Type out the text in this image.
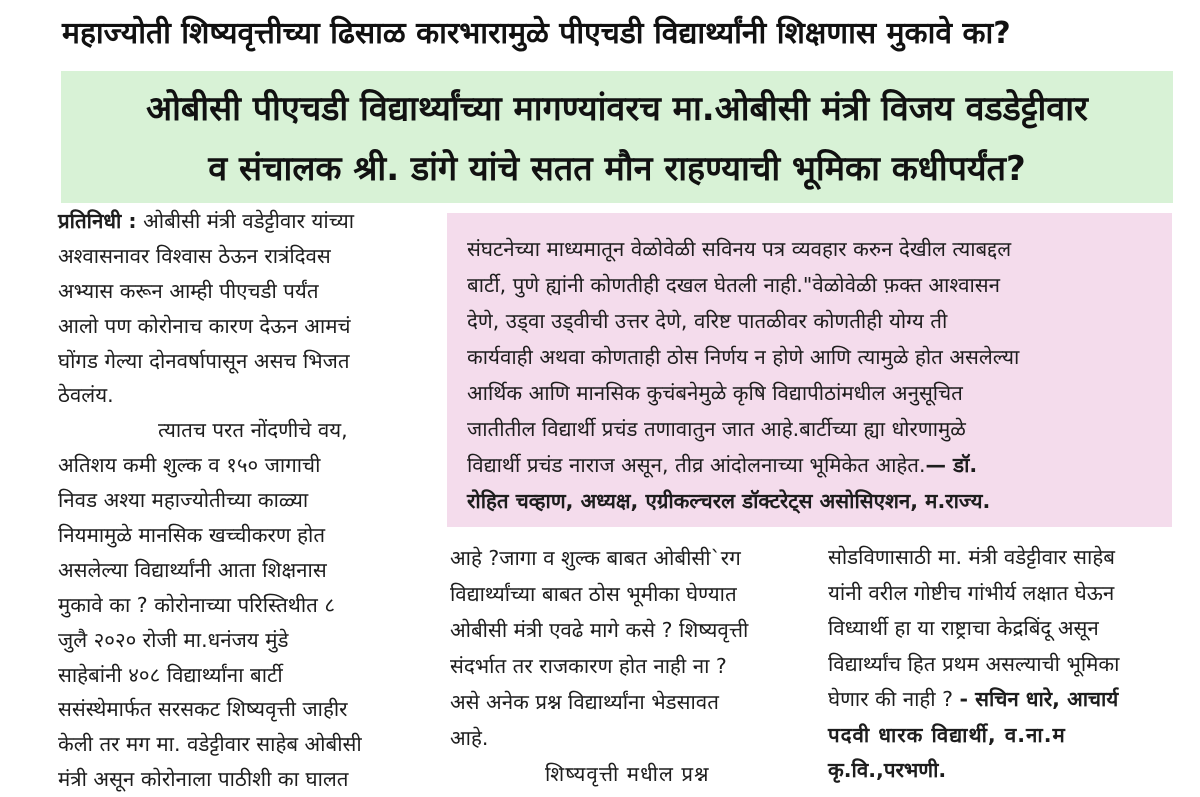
महाज्योती शिष्यवृत्तीच्या ढिसाळ कारभारामुळे पीएचडी विद्यार्थ्यांनी शिक्षणास मुकावे का?
ओबीसी पीएचडी विद्यार्थ्यांच्या मागण्यांवरच मा.ओबीसी मंत्री विजय वडडेट्टीवार
व संचालक श्री. डांगे यांचे सतत मौन राहण्याची भूमिका कधीपर्यंत?
प्रतिनिधी : ओबीसी मंत्री वडेट्टीवार यांच्या
अश्वासनावर विश्वास ठेऊन रात्रंदिवस
अभ्यास करून आम्ही पीएचडी पर्यंत
आलो पण कोरोनाच कारण देऊन आमचं
घोंगड गेल्या दोनवर्षापासून असच भिजत
ठेवलंय.
त्यातच परत नोंदणीचे वय,
अतिशय कमी शुल्क व १५० जागाची
निवड अश्या महाज्योतीच्या काळ्या
नियमामुळे मानसिक खच्चीकरण होत
असलेल्या विद्यार्थ्यांनी आता शिक्षनास
मुकावे का ? कोरोनाच्या परिस्तिथीत ८
जुलै २०२० रोजी मा.धनंजय मुंडे
साहेबांनी ४०८ विद्यार्थ्यांना बार्टी
ससंस्थेमार्फत सरसकट शिष्यवृत्ती जाहीर
केली तर मग मा. वडेट्टीवार साहेब ओबीसी
मंत्री असून कोरोनाला पाठीशी का घालत
संघटनेच्या माध्यमातून वेळोवेळी सविनय पत्र व्यवहार करुन देखील त्याबद्दल
बार्टी, पुणे ह्यांनी कोणतीही दखल घेतली नाही."वेळोवेळी फ़क्त आश्वासन
देणे, उड्वा उड्वीची उत्तर देणे, वरिष्ट पातळीवर कोणतीही योग्य ती
कार्यवाही अथवा कोणताही ठोस निर्णय न होणे आणि त्यामुळे होत असलेल्या
आर्थिक आणि मानसिक कुचंबनेमुळे कृषि विद्यापीठांमधील अनुसूचित
जातीतील विद्यार्थी प्रचंड तणावातुन जात आहे.बार्टीच्या ह्या धोरणामुळे
विद्यार्थी प्रचंड नाराज असून, तीव्र आंदोलनाच्या भूमिकेत आहेत.— डॉ.
रोहित चव्हाण, अध्यक्ष, एग्रीकल्चरल डॉक्टरेट्स असोसिएशन, म.राज्य.
आहे ?जागा व शुल्क बाबत ओबीसी`रग
विद्यार्थ्यांच्या बाबत ठोस भूमीका घेण्यात
ओबीसी मंत्री एवढे मागे कसे ? शिष्यवृत्ती
संदर्भात तर राजकारण होत नाही ना ?
असे अनेक प्रश्न विद्यार्थ्यांना भेडसावत
आहे.
शिष्यवृत्ती मधील प्रश्न
सोडविणासाठी मा. मंत्री वडेट्टीवार साहेब
यांनी वरील गोष्टीच गांभीर्य लक्षात घेऊन
विध्यार्थी हा या राष्ट्राचा केद्रबिंदू असून
विद्यार्थ्यांच हित प्रथम असल्याची भूमिका
घेणार की नाही ? - सचिन धारे, आचार्य
पदवी धारक विद्यार्थी, व.ना.म
कृ.वि.,परभणी.
